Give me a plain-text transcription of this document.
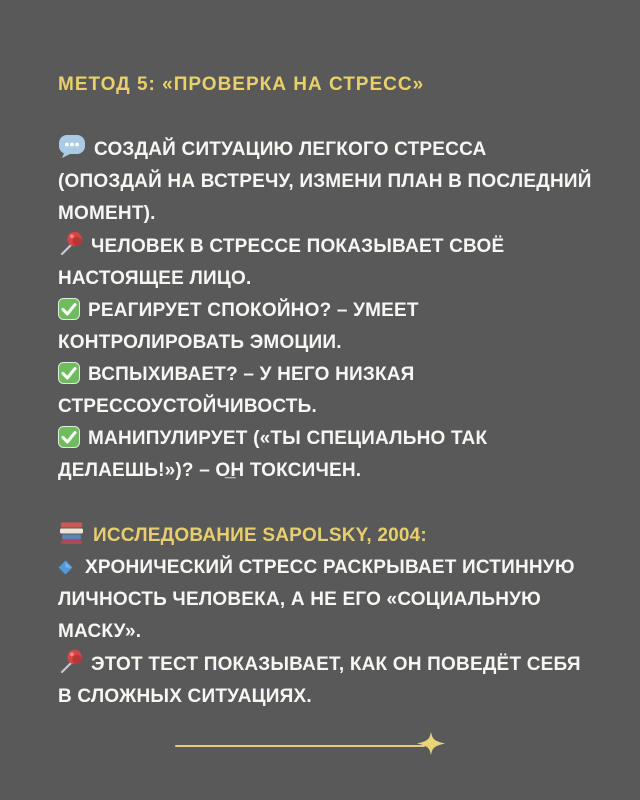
МЕТОД 5: «ПРОВЕРКА НА СТРЕСС»

СОЗДАЙ СИТУАЦИЮ ЛЕГКОГО СТРЕССА (ОПОЗДАЙ НА ВСТРЕЧУ, ИЗМЕНИ ПЛАН В ПОСЛЕДНИЙ МОМЕНТ).

ЧЕЛОВЕК В СТРЕССЕ ПОКАЗЫВАЕТ СВОЁ НАСТОЯЩЕЕ ЛИЦО.

РЕАГИРУЕТ СПОКОЙНО? – УМЕЕТ КОНТРОЛИРОВАТЬ ЭМОЦИИ.

ВСПЫХИВАЕТ? – У НЕГО НИЗКАЯ СТРЕССОУСТОЙЧИВОСТЬ.

МАНИПУЛИРУЕТ («ТЫ СПЕЦИАЛЬНО ТАК ДЕЛАЕШЬ!»)? – О̲Н ТОКСИЧЕН.

ИССЛЕДОВАНИЕ SAPOLSKY, 2004:

ХРОНИЧЕСКИЙ СТРЕСС РАСКРЫВАЕТ ИСТИННУЮ ЛИЧНОСТЬ ЧЕЛОВЕКА, А НЕ ЕГО «СОЦИАЛЬНУЮ МАСКУ».

ЭТОТ ТЕСТ ПОКАЗЫВАЕТ, КАК ОН ПОВЕДЁТ СЕБЯ В СЛОЖНЫХ СИТУАЦИЯХ.
